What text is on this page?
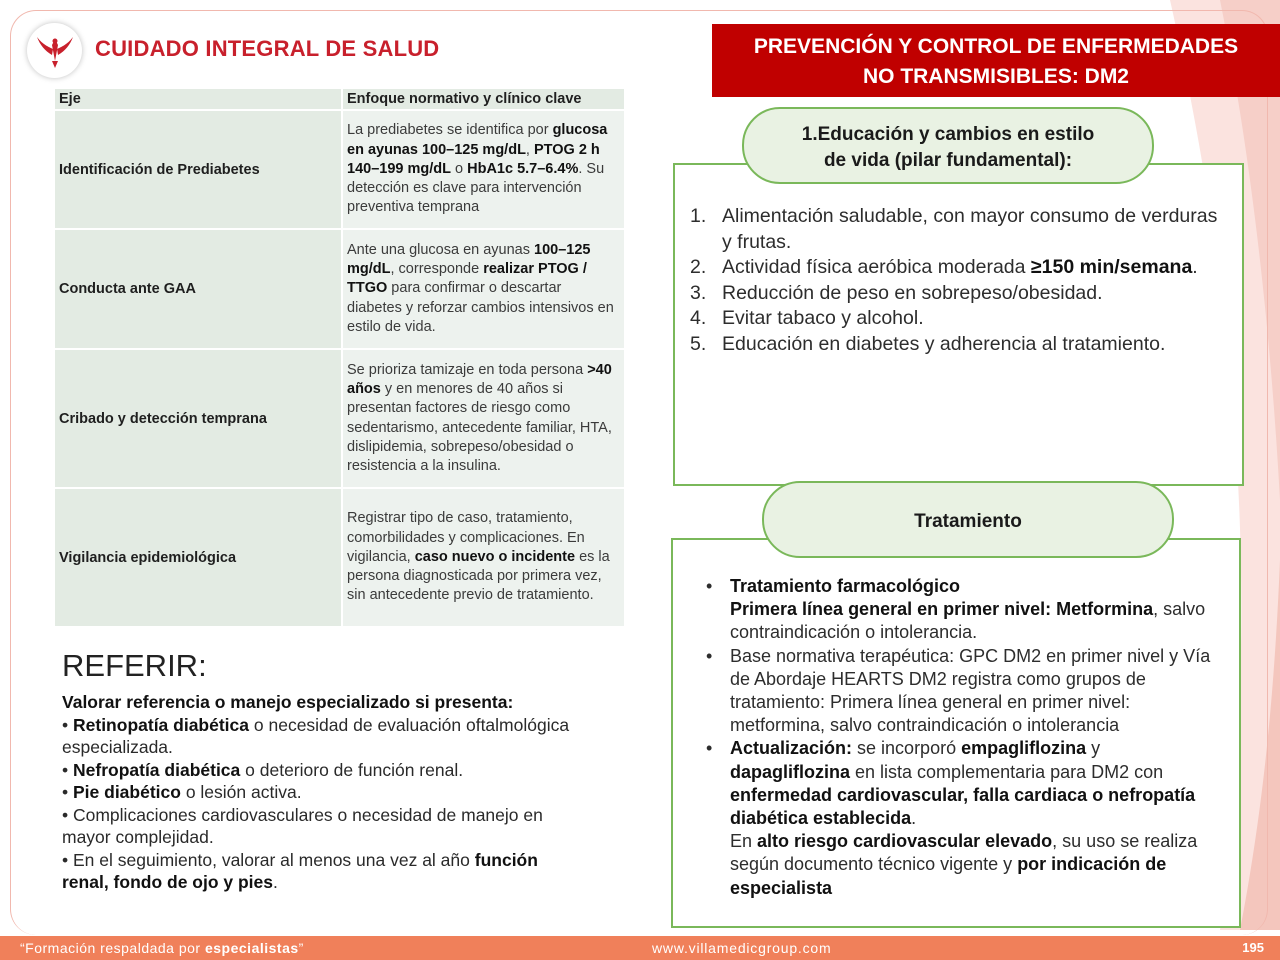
CUIDADO INTEGRAL DE SALUD	PREVENCIÓN Y CONTROL DE ENFERMEDADES
NO TRANSMISIBLES: DM2
Eje	Enfoque normativo y clínico clave
Identificación de Prediabetes	La prediabetes se identifica por glucosa en ayunas 100–125 mg/dL, PTOG 2 h 140–199 mg/dL o HbA1c 5.7–6.4%. Su detección es clave para intervención preventiva temprana
Conducta ante GAA	Ante una glucosa en ayunas 100–125 mg/dL, corresponde realizar PTOG / TTGO para confirmar o descartar diabetes y reforzar cambios intensivos en estilo de vida.
Cribado y detección temprana	Se prioriza tamizaje en toda persona >40 años y en menores de 40 años si presentan factores de riesgo como sedentarismo, antecedente familiar, HTA, dislipidemia, sobrepeso/obesidad o resistencia a la insulina.
Vigilancia epidemiológica	Registrar tipo de caso, tratamiento, comorbilidades y complicaciones. En vigilancia, caso nuevo o incidente es la persona diagnosticada por primera vez, sin antecedente previo de tratamiento.
REFERIR:
Valorar referencia o manejo especializado si presenta:
• Retinopatía diabética o necesidad de evaluación oftalmológica especializada.
• Nefropatía diabética o deterioro de función renal.
• Pie diabético o lesión activa.
• Complicaciones cardiovasculares o necesidad de manejo en mayor complejidad.
• En el seguimiento, valorar al menos una vez al año función renal, fondo de ojo y pies.
1.Educación y cambios en estilo
de vida (pilar fundamental):
1. Alimentación saludable, con mayor consumo de verduras y frutas.
2. Actividad física aeróbica moderada ≥150 min/semana.
3. Reducción de peso en sobrepeso/obesidad.
4. Evitar tabaco y alcohol.
5. Educación en diabetes y adherencia al tratamiento.
Tratamiento
• Tratamiento farmacológico
Primera línea general en primer nivel: Metformina, salvo contraindicación o intolerancia.
• Base normativa terapéutica: GPC DM2 en primer nivel y Vía de Abordaje HEARTS DM2 registra como grupos de tratamiento: Primera línea general en primer nivel: metformina, salvo contraindicación o intolerancia
• Actualización: se incorporó empagliflozina y dapagliflozina en lista complementaria para DM2 con enfermedad cardiovascular, falla cardiaca o nefropatía diabética establecida.
En alto riesgo cardiovascular elevado, su uso se realiza según documento técnico vigente y por indicación de especialista
“Formación respaldada por especialistas”	www.villamedicgroup.com	195
